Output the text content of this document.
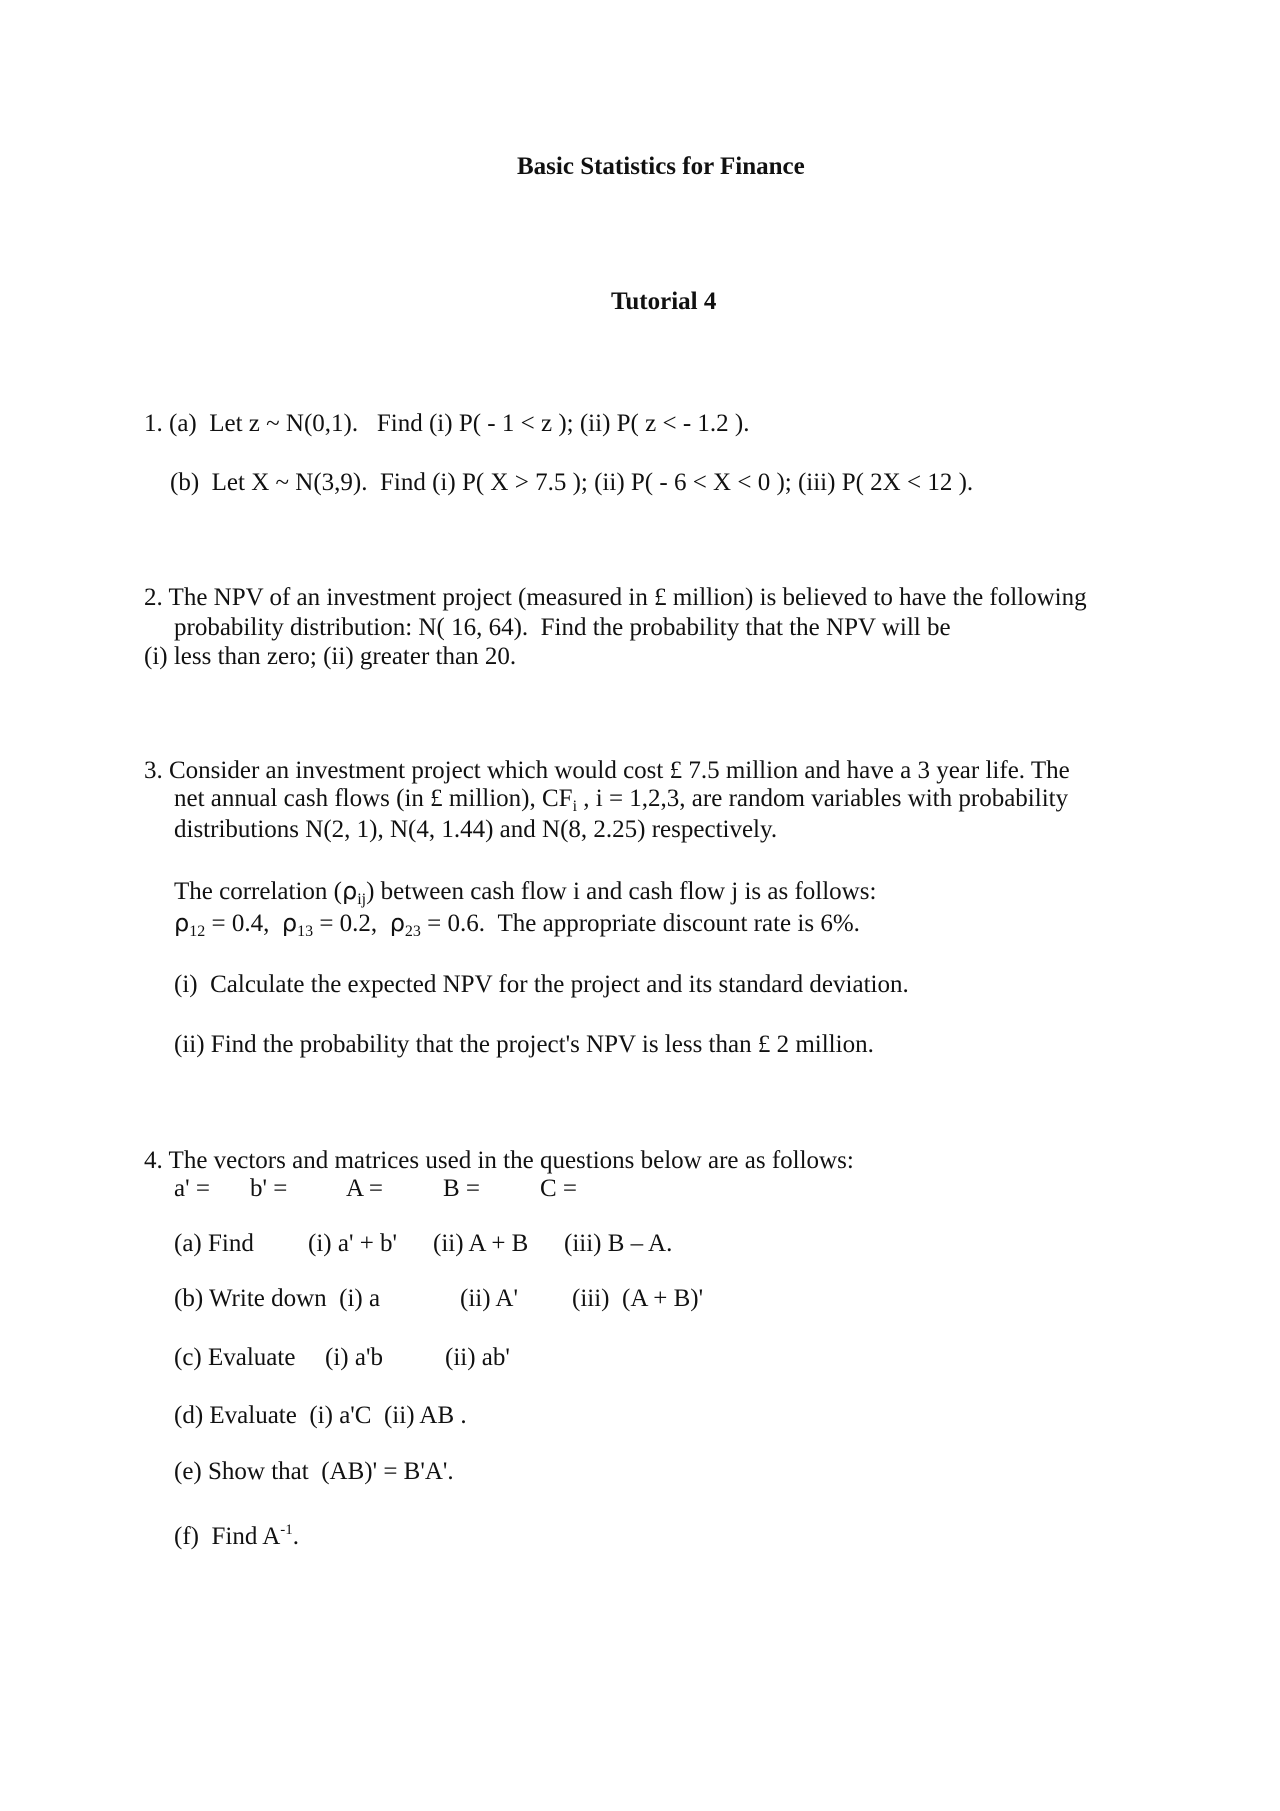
Basic Statistics for Finance
Tutorial 4
1. (a)  Let z ~ N(0,1).   Find (i) P( - 1 < z ); (ii) P( z < - 1.2 ).
(b)  Let X ~ N(3,9).  Find (i) P( X > 7.5 ); (ii) P( - 6 < X < 0 ); (iii) P( 2X < 12 ).
2. The NPV of an investment project (measured in £ million) is believed to have the following
probability distribution: N( 16, 64).  Find the probability that the NPV will be
(i) less than zero; (ii) greater than 20.
3. Consider an investment project which would cost £ 7.5 million and have a 3 year life. The
net annual cash flows (in £ million), $CF_i$ , i = 1,2,3, are random variables with probability
distributions N(2, 1), N(4, 1.44) and N(8, 2.25) respectively.
The correlation $(\rho_{ij})$ between cash flow i and cash flow j is as follows:
$\rho_{12} = 0.4$,  $\rho_{13} = 0.2$,  $\rho_{23} = 0.6$.  The appropriate discount rate is 6%.
(i)  Calculate the expected NPV for the project and its standard deviation.
(ii) Find the probability that the project's NPV is less than £ 2 million.
4. The vectors and matrices used in the questions below are as follows:
a' = b' = A = B = C =
(a) Find (i) a' + b' (ii) A + B (iii) B – A.
(b) Write down  (i) a	(ii) A' (iii)  (A + B)'
(c) Evaluate (i) a'b (ii) ab'
(d) Evaluate  (i) a'C  (ii) AB .
(e) Show that  (AB)' = B'A'.
(f)  Find $A^{-1}$.
